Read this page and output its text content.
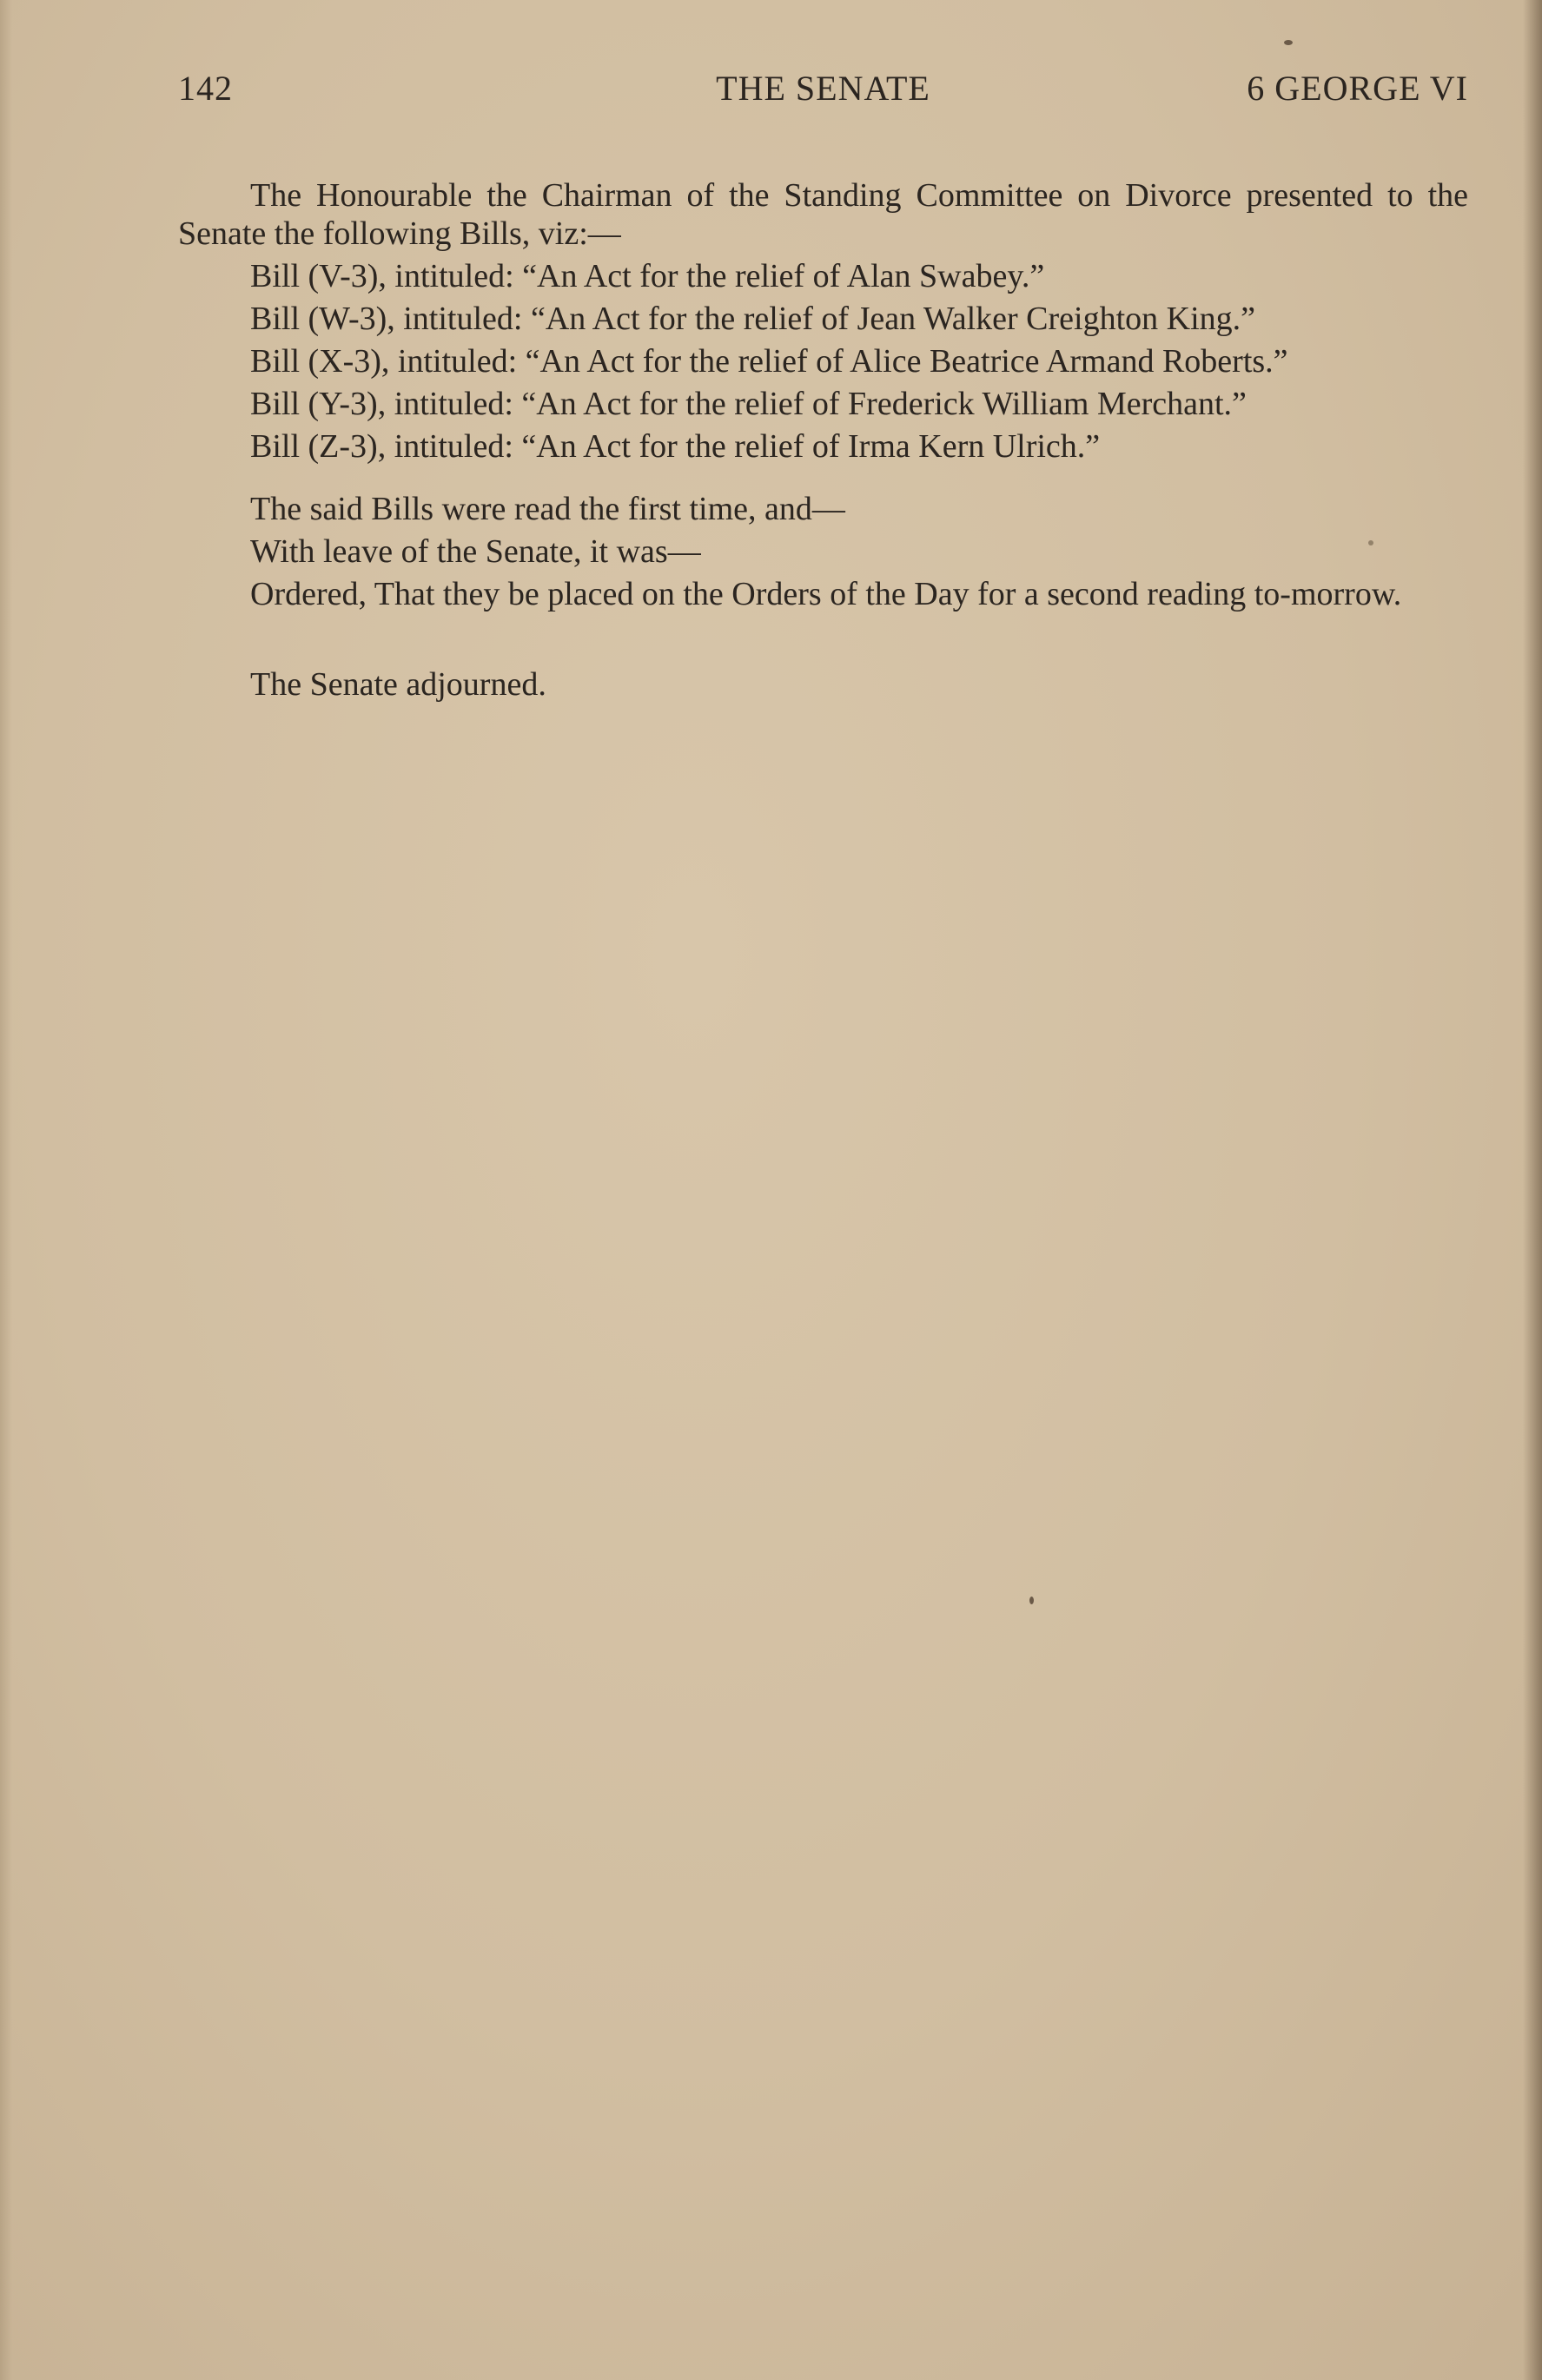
142	THE SENATE	6 GEORGE VI

The Honourable the Chairman of the Standing Committee on Divorce presented to the Senate the following Bills, viz:—

Bill (V-3), intituled: “An Act for the relief of Alan Swabey.”

Bill (W-3), intituled: “An Act for the relief of Jean Walker Creighton King.”

Bill (X-3), intituled: “An Act for the relief of Alice Beatrice Armand Roberts.”

Bill (Y-3), intituled: “An Act for the relief of Frederick William Merchant.”

Bill (Z-3), intituled: “An Act for the relief of Irma Kern Ulrich.”

The said Bills were read the first time, and—

With leave of the Senate, it was—

Ordered, That they be placed on the Orders of the Day for a second reading to-morrow.

The Senate adjourned.
